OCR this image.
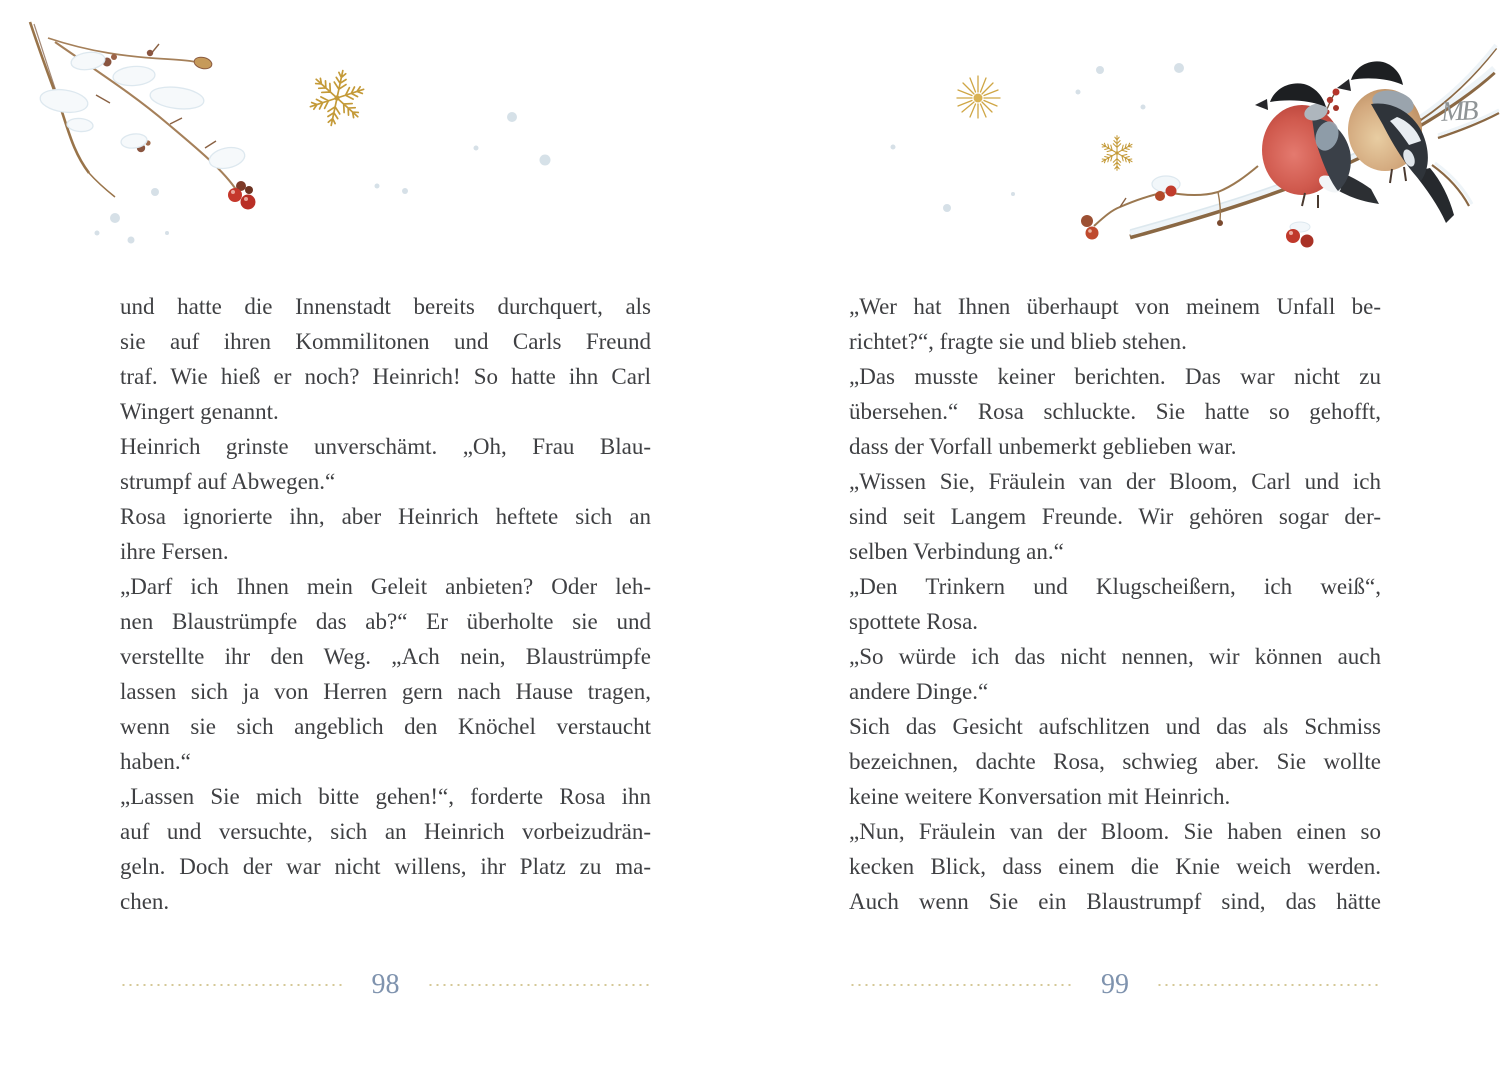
MB
und hatte die Innenstadt bereits durchquert, als
sie auf ihren Kommilitonen und Carls Freund
traf. Wie hieß er noch? Heinrich! So hatte ihn Carl
Wingert genannt.
Heinrich grinste unverschämt. „Oh, Frau Blau-
strumpf auf Abwegen.“
Rosa ignorierte ihn, aber Heinrich heftete sich an
ihre Fersen.
„Darf ich Ihnen mein Geleit anbieten? Oder leh-
nen Blaustrümpfe das ab?“ Er überholte sie und
verstellte ihr den Weg. „Ach nein, Blaustrümpfe
lassen sich ja von Herren gern nach Hause tragen,
wenn sie sich angeblich den Knöchel verstaucht
haben.“
„Lassen Sie mich bitte gehen!“, forderte Rosa ihn
auf und versuchte, sich an Heinrich vorbeizudrän-
geln. Doch der war nicht willens, ihr Platz zu ma-
chen.
„Wer hat Ihnen überhaupt von meinem Unfall be-
richtet?“, fragte sie und blieb stehen.
„Das musste keiner berichten. Das war nicht zu
übersehen.“ Rosa schluckte. Sie hatte so gehofft,
dass der Vorfall unbemerkt geblieben war.
„Wissen Sie, Fräulein van der Bloom, Carl und ich
sind seit Langem Freunde. Wir gehören sogar der-
selben Verbindung an.“
„Den Trinkern und Klugscheißern, ich weiß“,
spottete Rosa.
„So würde ich das nicht nennen, wir können auch
andere Dinge.“
Sich das Gesicht aufschlitzen und das als Schmiss
bezeichnen, dachte Rosa, schwieg aber. Sie wollte
keine weitere Konversation mit Heinrich.
„Nun, Fräulein van der Bloom. Sie haben einen so
kecken Blick, dass einem die Knie weich werden.
Auch wenn Sie ein Blaustrumpf sind, das hätte
98	99
